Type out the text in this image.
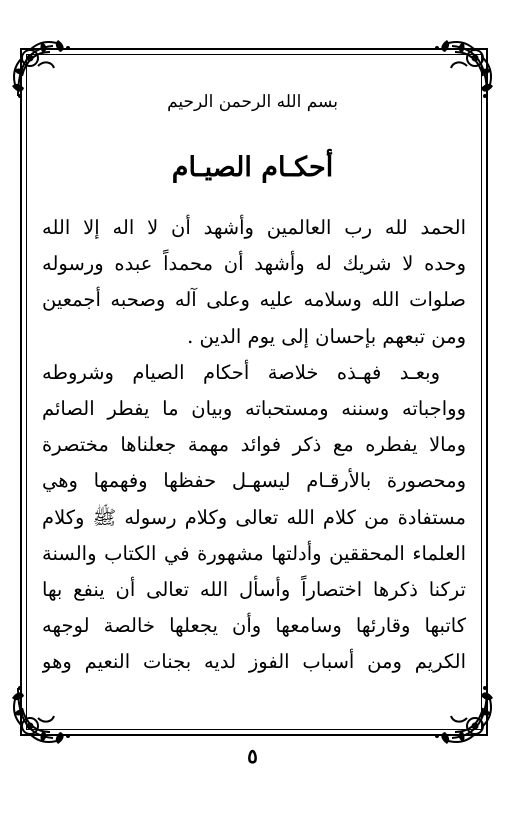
بسم الله الرحمن الرحيم
أحكـام الصيـام
الحمد لله رب العالمين وأشهد أن لا اله إلا الله
وحده لا شريك له وأشهد أن محمداً عبده ورسوله
صلوات الله وسلامه عليه وعلى آله وصحبه أجمعين
ومن تبعهم بإحسان إلى يوم الدين .
وبعـد فهـذه خلاصة أحكام الصيام وشروطه
وواجباته وسننه ومستحباته وبيان ما يفطر الصائم
ومالا يفطره مع ذكر فوائد مهمة جعلناها مختصرة
ومحصورة بالأرقـام ليسهـل حفظها وفهمها وهي
مستفادة من كلام الله تعالى وكلام رسوله ﷺ وكلام
العلماء المحققين وأدلتها مشهورة في الكتاب والسنة
تركنا ذكرها اختصاراً وأسأل الله تعالى أن ينفع بها
كاتبها وقارئها وسامعها وأن يجعلها خالصة لوجهه
الكريم ومن أسباب الفوز لديه بجنات النعيم وهو
٥
